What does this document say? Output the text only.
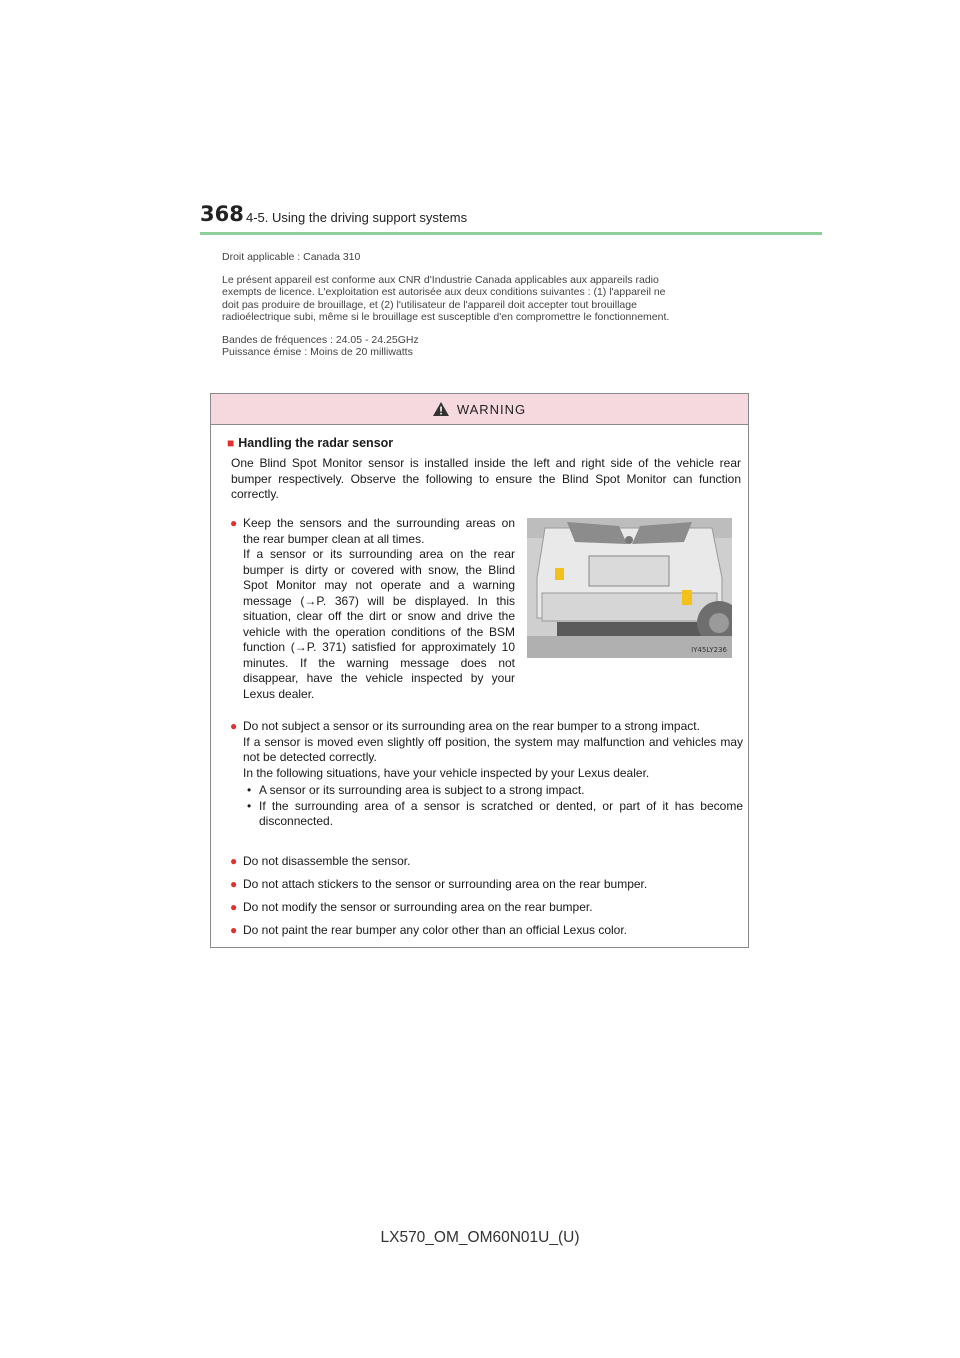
368 4-5. Using the driving support systems

Droit applicable : Canada 310

Le présent appareil est conforme aux CNR d'Industrie Canada applicables aux appareils radio

exempts de licence. L'exploitation est autorisée aux deux conditions suivantes : (1) l'appareil ne

doit pas produire de brouillage, et (2) l'utilisateur de l'appareil doit accepter tout brouillage

radioélectrique subi, même si le brouillage est susceptible d'en compromettre le fonctionnement.

Bandes de fréquences : 24.05 - 24.25GHz

Puissance émise : Moins de 20 milliwatts

WARNING
■ Handling the radar sensor
One Blind Spot Monitor sensor is installed inside the left and right side of the vehicle rear bumper respectively. Observe the following to ensure the Blind Spot Monitor can function correctly.
● Keep the sensors and the surrounding areas on the rear bumper clean at all times.
If a sensor or its surrounding area on the rear bumper is dirty or covered with snow, the Blind Spot Monitor may not operate and a warning message (→P. 367) will be displayed. In this situation, clear off the dirt or snow and drive the vehicle with the operation conditions of the BSM function (→P. 371) satisfied for approximately 10 minutes. If the warning message does not disappear, have the vehicle inspected by your Lexus dealer.
IY45LY236
● Do not subject a sensor or its surrounding area on the rear bumper to a strong impact.
If a sensor is moved even slightly off position, the system may malfunction and vehicles may not be detected correctly.
In the following situations, have your vehicle inspected by your Lexus dealer.
• A sensor or its surrounding area is subject to a strong impact.
• If the surrounding area of a sensor is scratched or dented, or part of it has become disconnected.
● Do not disassemble the sensor.
● Do not attach stickers to the sensor or surrounding area on the rear bumper.
● Do not modify the sensor or surrounding area on the rear bumper.
● Do not paint the rear bumper any color other than an official Lexus color.
LX570_OM_OM60N01U_(U)
